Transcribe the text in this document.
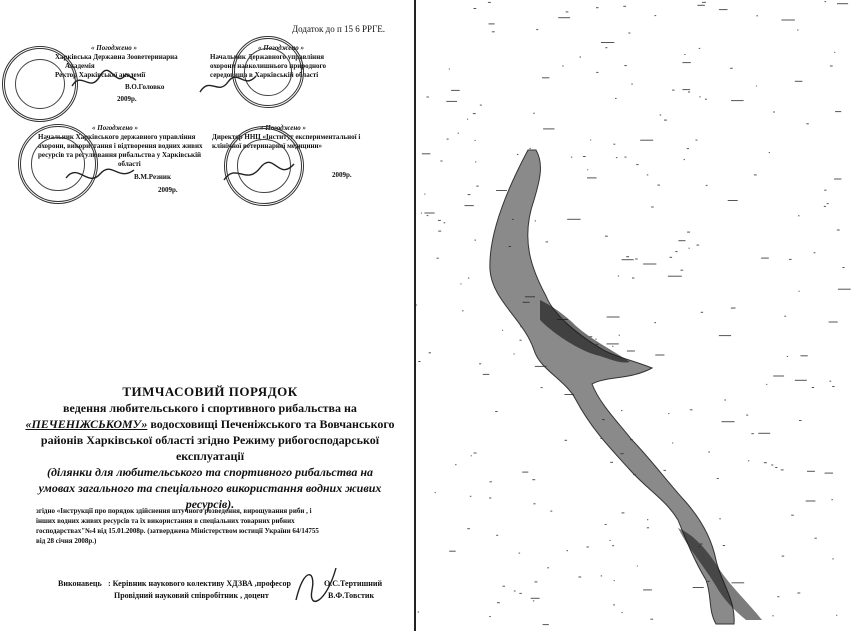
Додаток до п 15 6 РРГЕ.
« Погоджено »
Харківська Державна Зооветеринарна
Академія
Ректор Харківської академії
В.О.Головко
2009р.
« Погоджено »
Начальник Державного управління
охорони навколишнього природного
середовища в Харківській області
« Погоджено »
Начальник Харківського державного управління
охорони, використання і відтворення водних живих
ресурсів та регулювання рибальства у Харківській
області
В.М.Резник
2009р.
« Погоджено »
Директор ННЦ «Інститут експериментальної і
клінічної ветеринарної медицини»
2009р.
ТИМЧАСОВИЙ ПОРЯДОК
ведення любительського і спортивного рибальства на
«ПЕЧЕНІЖСЬКОМУ» водосховищі Печеніжського та Вовчанського
районів Харківської області згідно Режиму рибогосподарської
експлуатації
(ділянки для любительського та спортивного рибальства на
умовах загального та спеціального використання водних живих
ресурсів).
згідно «Інструкції про порядок здійснення штучного розведення, вирощування риби , і
інших водних живих ресурсів та їх використання в спеціальних товарних рибних
господарствах"№4 від 15.01.2008р. (затверджена Міністерством юстиції України 64/14755
від 28 січня 2008р.)
Виконавець : Керівник наукового колективу ХДЗВА ,професор
Провідний науковий співробітник , доцент
О.С.Тертишний
В.Ф.Товстик
